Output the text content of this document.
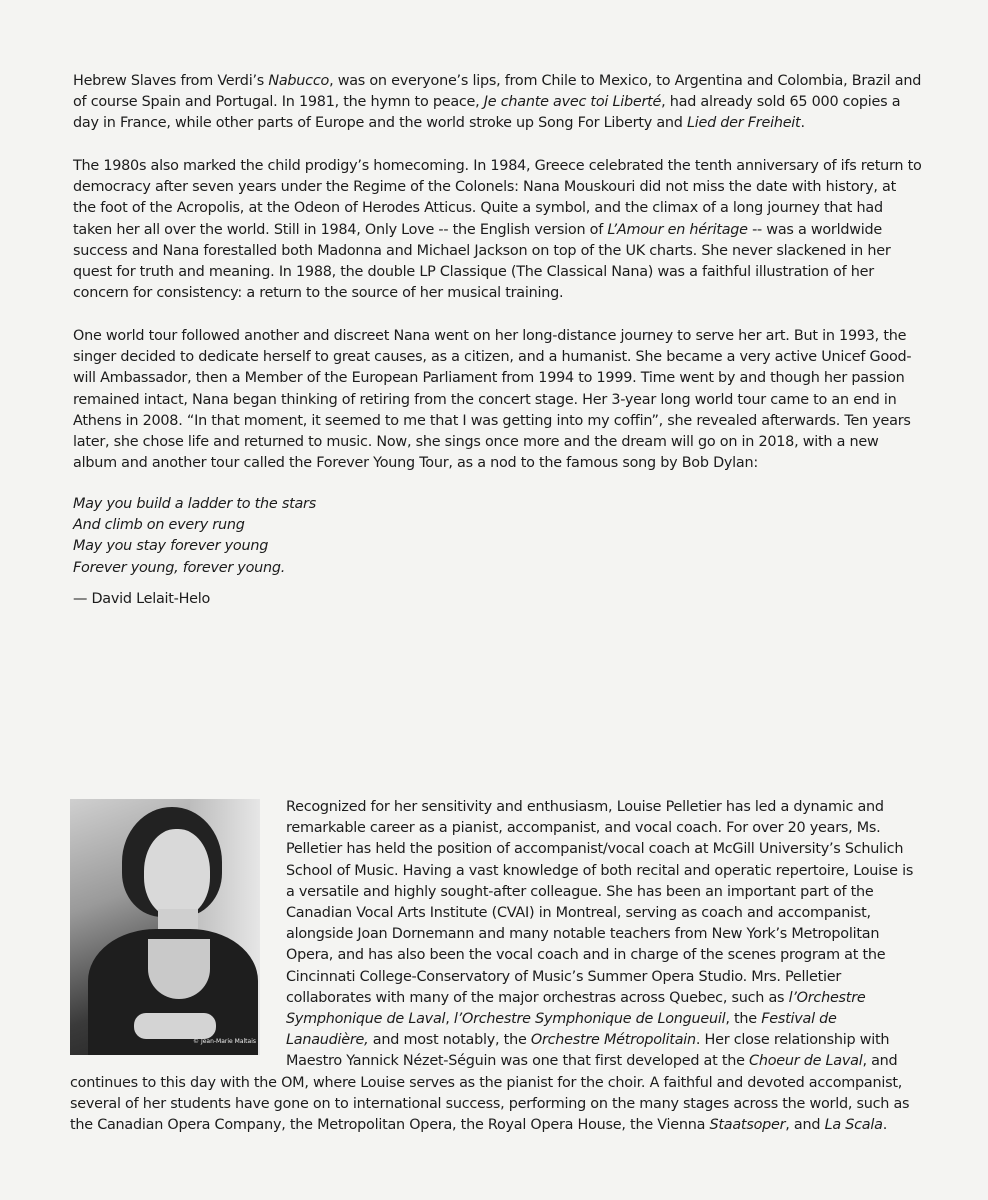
Hebrew Slaves from Verdi’s Nabucco, was on everyone’s lips, from Chile to Mexico, to Argentina and Colombia, Brazil and of course Spain and Portugal. In 1981, the hymn to peace, Je chante avec toi Liberté, had already sold 65 000 copies a day in France, while other parts of Europe and the world stroke up Song For Liberty and Lied der Freiheit.

The 1980s also marked the child prodigy’s homecoming. In 1984, Greece celebrated the tenth anniversary of ifs return to democracy after seven years under the Regime of the Colonels: Nana Mouskouri did not miss the date with history, at the foot of the Acropolis, at the Odeon of Herodes Atticus. Quite a symbol, and the climax of a long journey that had taken her all over the world. Still in 1984, Only Love -- the English version of L’Amour en héritage -- was a worldwide success and Nana forestalled both Madonna and Michael Jackson on top of the UK charts. She never slackened in her quest for truth and meaning. In 1988, the double LP Classique (The Classical Nana) was a faithful illustration of her concern for consistency: a return to the source of her musical training.

One world tour followed another and discreet Nana went on her long-distance journey to serve her art. But in 1993, the singer decided to dedicate herself to great causes, as a citizen, and a humanist. She became a very active Unicef Good-will Ambassador, then a Member of the European Parliament from 1994 to 1999. Time went by and though her passion remained intact, Nana began thinking of retiring from the concert stage. Her 3-year long world tour came to an end in Athens in 2008. “In that moment, it seemed to me that I was getting into my coffin”, she revealed afterwards. Ten years later, she chose life and returned to music. Now, she sings once more and the dream will go on in 2018, with a new album and another tour called the Forever Young Tour, as a nod to the famous song by Bob Dylan:

May you build a ladder to the stars
And climb on every rung
May you stay forever young
Forever young, forever young.
— David Lelait-Helo
© Jean-Marie Maltais

Recognized for her sensitivity and enthusiasm, Louise Pelletier has led a dynamic and remarkable career as a pianist, accompanist, and vocal coach. For over 20 years, Ms. Pelletier has held the position of accompanist/vocal coach at McGill University’s Schulich School of Music. Having a vast knowledge of both recital and operatic repertoire, Louise is a versatile and highly sought-after colleague. She has been an important part of the Canadian Vocal Arts Institute (CVAI) in Montreal, serving as coach and accompanist, alongside Joan Dornemann and many notable teachers from New York’s Metropolitan Opera, and has also been the vocal coach and in charge of the scenes program at the Cincinnati College-Conservatory of Music’s Summer Opera Studio. Mrs. Pelletier collaborates with many of the major orchestras across Quebec, such as l’Orchestre Symphonique de Laval, l’Orchestre Symphonique de Longueuil, the Festival de Lanaudière, and most notably, the Orchestre Métropolitain. Her close relationship with Maestro Yannick Nézet-Séguin was one that first developed at the Choeur de Laval, and continues to this day with the OM, where Louise serves as the pianist for the choir. A faithful and devoted accompanist, several of her students have gone on to international success, performing on the many stages across the world, such as the Canadian Opera Company, the Metropolitan Opera, the Royal Opera House, the Vienna Staatsoper, and La Scala.
